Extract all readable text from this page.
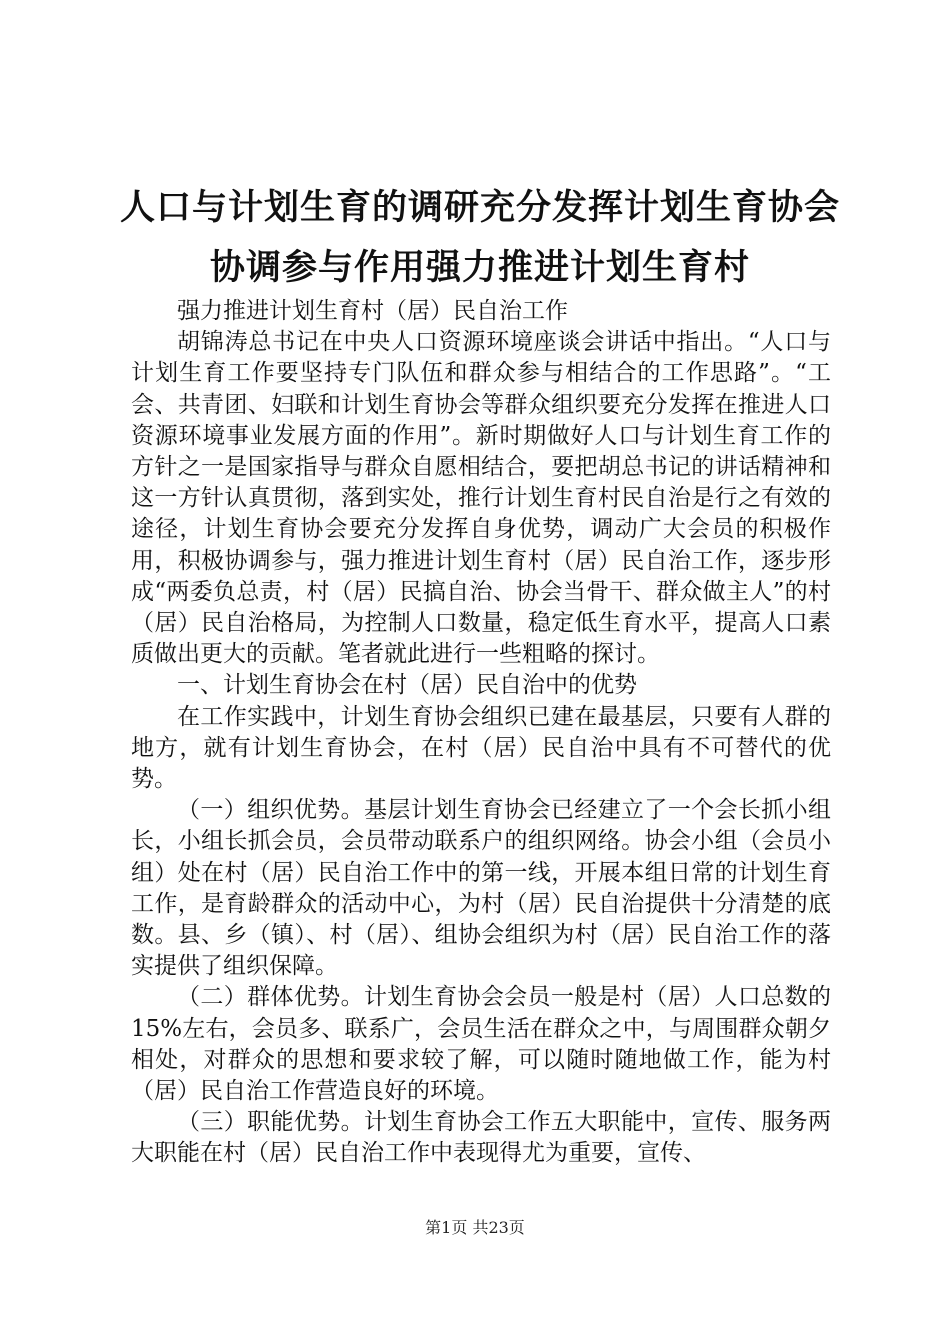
人口与计划生育的调研充分发挥计划生育协会
协调参与作用强力推进计划生育村

强力推进计划生育村（居）民自治工作

胡锦涛总书记在中央人口资源环境座谈会讲话中指出。“人口与计划生育工作要坚持专门队伍和群众参与相结合的工作思路”。“工会、共青团、妇联和计划生育协会等群众组织要充分发挥在推进人口资源环境事业发展方面的作用”。新时期做好人口与计划生育工作的方针之一是国家指导与群众自愿相结合，要把胡总书记的讲话精神和这一方针认真贯彻，落到实处，推行计划生育村民自治是行之有效的途径，计划生育协会要充分发挥自身优势，调动广大会员的积极作用，积极协调参与，强力推进计划生育村（居）民自治工作，逐步形成“两委负总责，村（居）民搞自治、协会当骨干、群众做主人”的村（居）民自治格局，为控制人口数量，稳定低生育水平，提高人口素质做出更大的贡献。笔者就此进行一些粗略的探讨。

一、计划生育协会在村（居）民自治中的优势

在工作实践中，计划生育协会组织已建在最基层，只要有人群的地方，就有计划生育协会，在村（居）民自治中具有不可替代的优势。

（一）组织优势。基层计划生育协会已经建立了一个会长抓小组长，小组长抓会员，会员带动联系户的组织网络。协会小组（会员小组）处在村（居）民自治工作中的第一线，开展本组日常的计划生育工作，是育龄群众的活动中心，为村（居）民自治提供十分清楚的底数。县、乡（镇）、村（居）、组协会组织为村（居）民自治工作的落实提供了组织保障。

（二）群体优势。计划生育协会会员一般是村（居）人口总数的15%左右，会员多、联系广，会员生活在群众之中，与周围群众朝夕相处，对群众的思想和要求较了解，可以随时随地做工作，能为村（居）民自治工作营造良好的环境。

（三）职能优势。计划生育协会工作五大职能中，宣传、服务两大职能在村（居）民自治工作中表现得尤为重要，宣传、

第1页 共23页
